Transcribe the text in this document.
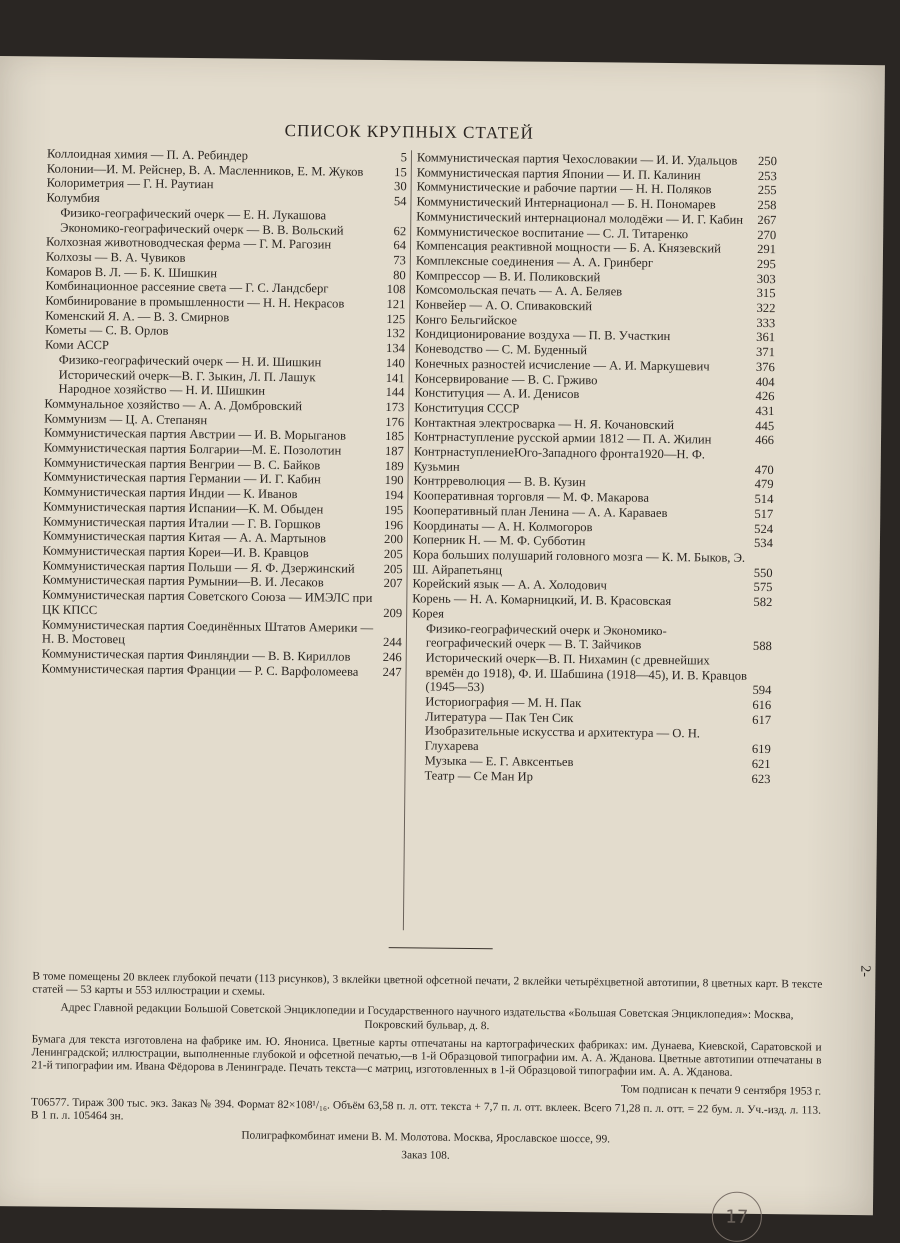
СПИСОК КРУПНЫХ СТАТЕЙ
Коллоидная химия — П. А. Ребиндер	5
Колонии—И. М. Рейснер, В. А. Масленников, Е. М. Жуков	15
Колориметрия — Г. Н. Раутиан	30
Колумбия	54
Физико-географический очерк — Е. Н. Лукашова
Экономико-географический очерк — В. В. Вольский	62
Колхозная животноводческая ферма — Г. М. Рагозин	64
Колхозы — В. А. Чувиков	73
Комаров В. Л. — Б. К. Шишкин	80
Комбинационное рассеяние света — Г. С. Ландсберг	108
Комбинирование в промышленности — Н. Н. Некрасов	121
Коменский Я. А. — В. З. Смирнов	125
Кометы — С. В. Орлов	132
Коми АССР	134
Физико-географический очерк — Н. И. Шишкин	140
Исторический очерк—В. Г. Зыкин, Л. П. Лашук	141
Народное хозяйство — Н. И. Шишкин	144
Коммунальное хозяйство — А. А. Домбровский	173
Коммунизм — Ц. А. Степанян	176
Коммунистическая партия Австрии — И. В. Морыганов	185
Коммунистическая партия Болгарии—М. Е. Позолотин	187
Коммунистическая партия Венгрии — В. С. Байков	189
Коммунистическая партия Германии — И. Г. Кабин	190
Коммунистическая партия Индии — К. Иванов	194
Коммунистическая партия Испании—К. М. Обыден	195
Коммунистическая партия Италии — Г. В. Горшков	196
Коммунистическая партия Китая — А. А. Мартынов	200
Коммунистическая партия Кореи—И. В. Кравцов	205
Коммунистическая партия Польши — Я. Ф. Дзержинский	205
Коммунистическая партия Румынии—В. И. Лесаков	207
Коммунистическая партия Советского Союза — ИМЭЛС при ЦК КПСС	209
Коммунистическая партия Соединённых Штатов Америки — Н. В. Мостовец	244
Коммунистическая партия Финляндии — В. В. Кириллов	246
Коммунистическая партия Франции — Р. С. Варфоломеева	247
Коммунистическая партия Чехословакии — И. И. Удальцов	250
Коммунистическая партия Японии — И. П. Калинин	253
Коммунистические и рабочие партии — Н. Н. Поляков	255
Коммунистический Интернационал — Б. Н. Пономарев	258
Коммунистический интернационал молодёжи — И. Г. Кабин	267
Коммунистическое воспитание — С. Л. Титаренко	270
Компенсация реактивной мощности — Б. А. Князевский	291
Комплексные соединения — А. А. Гринберг	295
Компрессор — В. И. Поликовский	303
Комсомольская печать — А. А. Беляев	315
Конвейер — А. О. Спиваковский	322
Конго Бельгийское	333
Кондиционирование воздуха — П. В. Участкин	361
Коневодство — С. М. Буденный	371
Конечных разностей исчисление — А. И. Маркушевич	376
Консервирование — В. С. Грживо	404
Конституция — А. И. Денисов	426
Конституция СССР	431
Контактная электросварка — Н. Я. Кочановский	445
Контрнаступление русской армии 1812 — П. А. Жилин	466
КонтрнаступлениеЮго-Западного фронта1920—Н. Ф. Кузьмин	470
Контрреволюция — В. В. Кузин	479
Кооперативная торговля — М. Ф. Макарова	514
Кооперативный план Ленина — А. А. Караваев	517
Координаты — А. Н. Колмогоров	524
Коперник Н. — М. Ф. Субботин	534
Кора больших полушарий головного мозга — К. М. Быков, Э. Ш. Айрапетьянц	550
Корейский язык — А. А. Холодович	575
Корень — Н. А. Комарницкий, И. В. Красовская	582
Корея
Физико-географический очерк и Экономико-географический очерк — В. Т. Зайчиков	588
Исторический очерк—В. П. Нихамин (с древнейших времён до 1918), Ф. И. Шабшина (1918—45), И. В. Кравцов (1945—53)	594
Историография — М. Н. Пак	616
Литература — Пак Тен Сик	617
Изобразительные искусства и архитектура — О. Н. Глухарева	619
Музыка — Е. Г. Авксентьев	621
Театр — Се Ман Ир	623

В томе помещены 20 вклеек глубокой печати (113 рисунков), 3 вклейки цветной офсетной печати, 2 вклейки четырёхцветной автотипии, 8 цветных карт. В тексте статей — 53 карты и 553 иллюстрации и схемы.

Адрес Главной редакции Большой Советской Энциклопедии и Государственного научного издательства «Большая Советская Энциклопедия»: Москва, Покровский бульвар, д. 8.

Бумага для текста изготовлена на фабрике им. Ю. Янониса. Цветные карты отпечатаны на картографических фабриках: им. Дунаева, Киевской, Саратовской и Ленинградской; иллюстрации, выполненные глубокой и офсетной печатью,—в 1-й Образцовой типографии им. А. А. Жданова. Цветные автотипии отпечатаны в 21-й типографии им. Ивана Фёдорова в Ленинграде. Печать текста—с матриц, изготовленных в 1-й Образцовой типографии им. А. А. Жданова.

Том подписан к печати 9 сентября 1953 г.

Т06577. Тираж 300 тыс. экз. Заказ № 394. Формат 82×108¹/₁₆. Объём 63,58 п. л. отт. текста + 7,7 п. л. отт. вклеек. Всего 71,28 п. л. отт. = 22 бум. л. Уч.-изд. л. 113. В 1 п. л. 105464 зн.

Полиграфкомбинат имени В. М. Молотова. Москва, Ярославское шоссе, 99.

Заказ 108.

2-
17
